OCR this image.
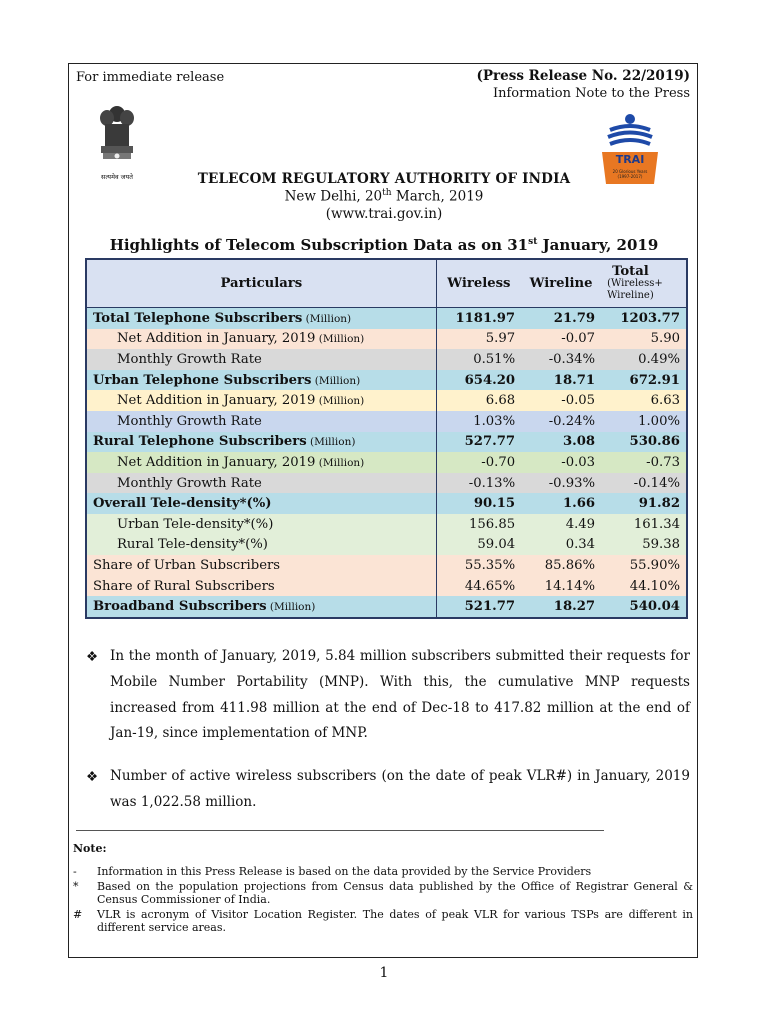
For immediate release	(Press Release No. 22/2019)
Information Note to the Press
सत्यमेव जयते
TRAI
20 Glorious Years (1997-2017)
TELECOM REGULATORY AUTHORITY OF INDIA
New Delhi, 20th March, 2019
(www.trai.gov.in)
Highlights of Telecom Subscription Data as on 31st January, 2019
Particulars	Wireless	Wireline	Total
(Wireless+ Wireline)

Total Telephone Subscribers (Million)	1181.97	21.79	1203.77
Net Addition in January, 2019 (Million)	5.97	-0.07	5.90
Monthly Growth Rate	0.51%	-0.34%	0.49%
Urban Telephone Subscribers (Million)	654.20	18.71	672.91
Net Addition in January, 2019 (Million)	6.68	-0.05	6.63
Monthly Growth Rate	1.03%	-0.24%	1.00%
Rural Telephone Subscribers (Million)	527.77	3.08	530.86
Net Addition in January, 2019 (Million)	-0.70	-0.03	-0.73
Monthly Growth Rate	-0.13%	-0.93%	-0.14%
Overall Tele-density*(%)	90.15	1.66	91.82
Urban Tele-density*(%)	156.85	4.49	161.34
Rural Tele-density*(%)	59.04	0.34	59.38
Share of Urban Subscribers	55.35%	85.86%	55.90%
Share of Rural Subscribers	44.65%	14.14%	44.10%
Broadband Subscribers (Million)	521.77	18.27	540.04
❖ In the month of January, 2019, 5.84 million subscribers submitted their requests for Mobile Number Portability (MNP). With this, the cumulative MNP requests increased from 411.98 million at the end of Dec-18 to 417.82 million at the end of Jan-19, since implementation of MNP.
❖ Number of active wireless subscribers (on the date of peak VLR#) in January, 2019 was 1,022.58 million.
Note:
-	Information in this Press Release is based on the data provided by the Service Providers
*	Based on the population projections from Census data published by the Office of Registrar General & Census Commissioner of India.
#	VLR is acronym of Visitor Location Register. The dates of peak VLR for various TSPs are different in different service areas.
1
